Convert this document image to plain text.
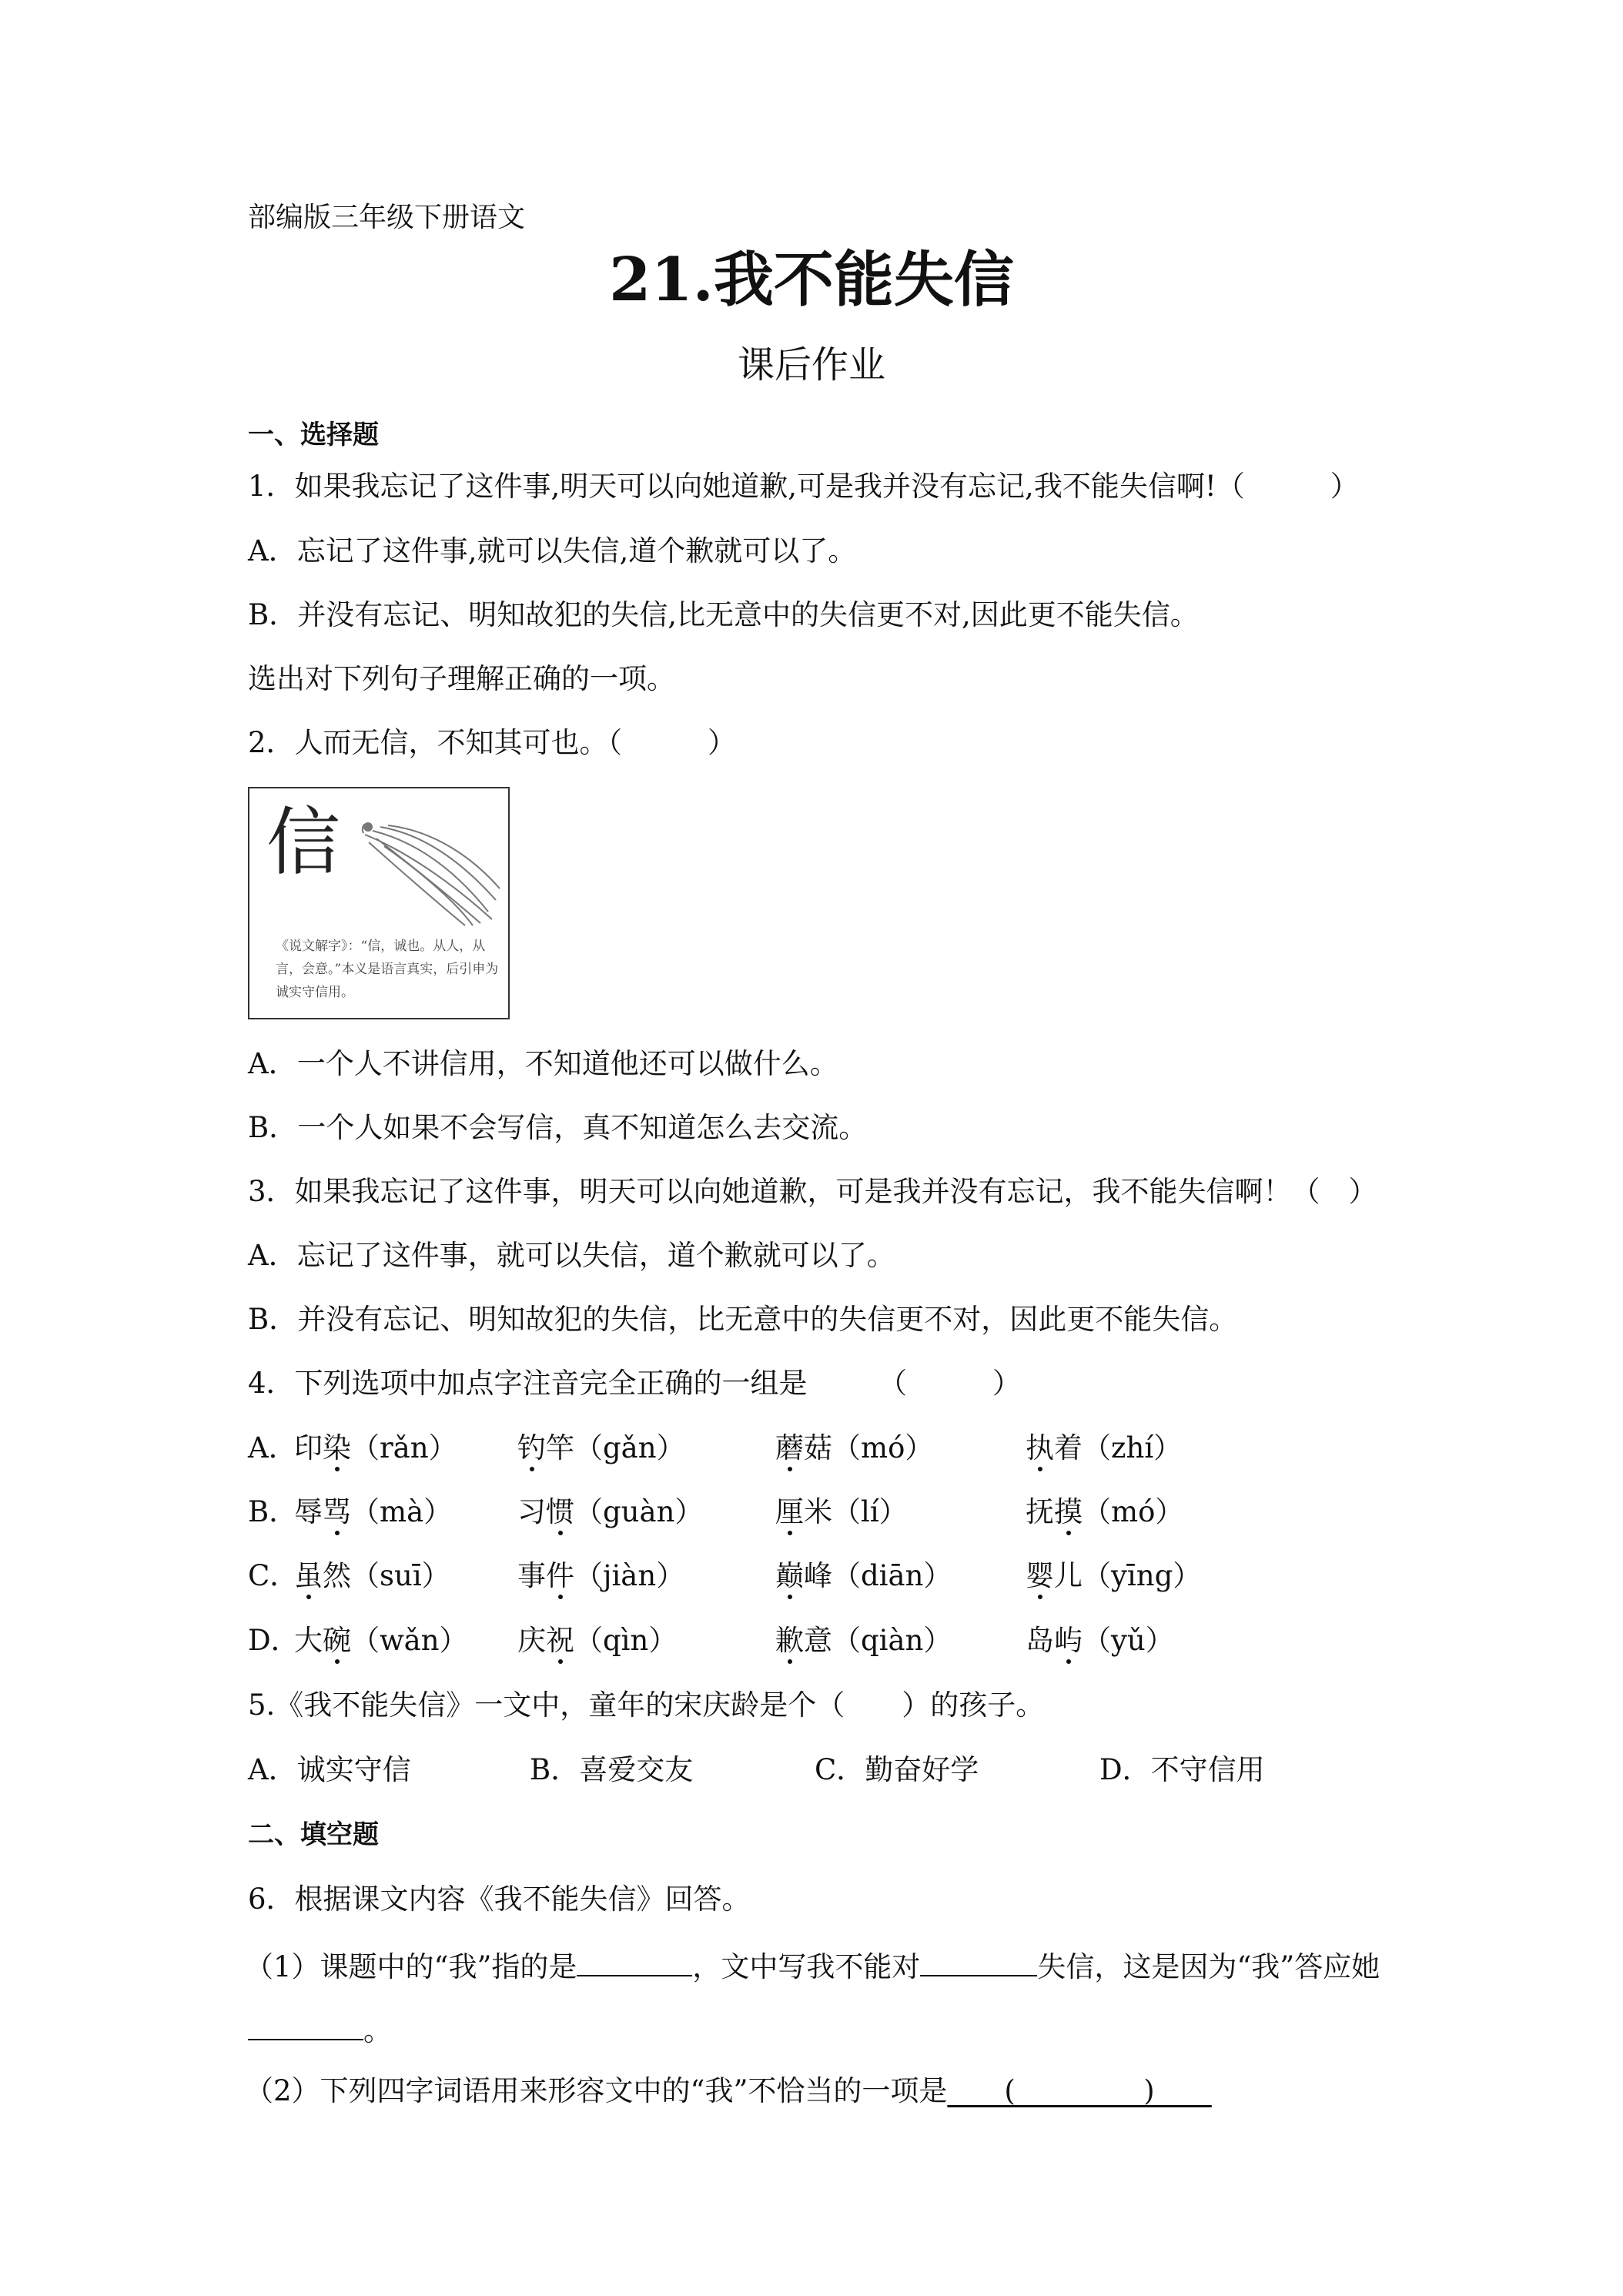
部编版三年级下册语文
21.我不能失信
课后作业
一、选择题
1．如果我忘记了这件事,明天可以向她道歉,可是我并没有忘记,我不能失信啊!（　　　）
A．忘记了这件事,就可以失信,道个歉就可以了。
B．并没有忘记、明知故犯的失信,比无意中的失信更不对,因此更不能失信。
选出对下列句子理解正确的一项。
2．人而无信，不知其可也。（　　　）
信
《说文解字》：“信，诚也。从人，从言，会意。”本义是语言真实，后引申为诚实守信用。
A．一个人不讲信用，不知道他还可以做什么。
B．一个人如果不会写信，真不知道怎么去交流。
3．如果我忘记了这件事，明天可以向她道歉，可是我并没有忘记，我不能失信啊！（　）
A．忘记了这件事，就可以失信，道个歉就可以了。
B．并没有忘记、明知故犯的失信，比无意中的失信更不对，因此更不能失信。
4．下列选项中加点字注音完全正确的一组是　　　（　　　）
A．
印染（rǎn） 钓竿（gǎn）	蘑菇（mó）	执着（zhí）
B．
辱骂（mà） 习惯（guàn）	厘米（lí）	抚摸（mó）
C．
虽然（suī） 事件（jiàn）	巅峰（diān）	婴儿（yīng）
D．
大碗（wǎn） 庆祝（qìn）	歉意（qiàn）	岛屿（yǔ）
5.《我不能失信》一文中，童年的宋庆龄是个（　　）的孩子。
A．诚实守信	B．喜爱交友	C．勤奋好学	D．不守信用
二、填空题
6．根据课文内容《我不能失信》回答。
（1）课题中的“我”指的是	，文中写我不能对	失信，这是因为“我”答应她
。
（2）下列四字词语用来形容文中的“我”不恰当的一项是____(_________)____
